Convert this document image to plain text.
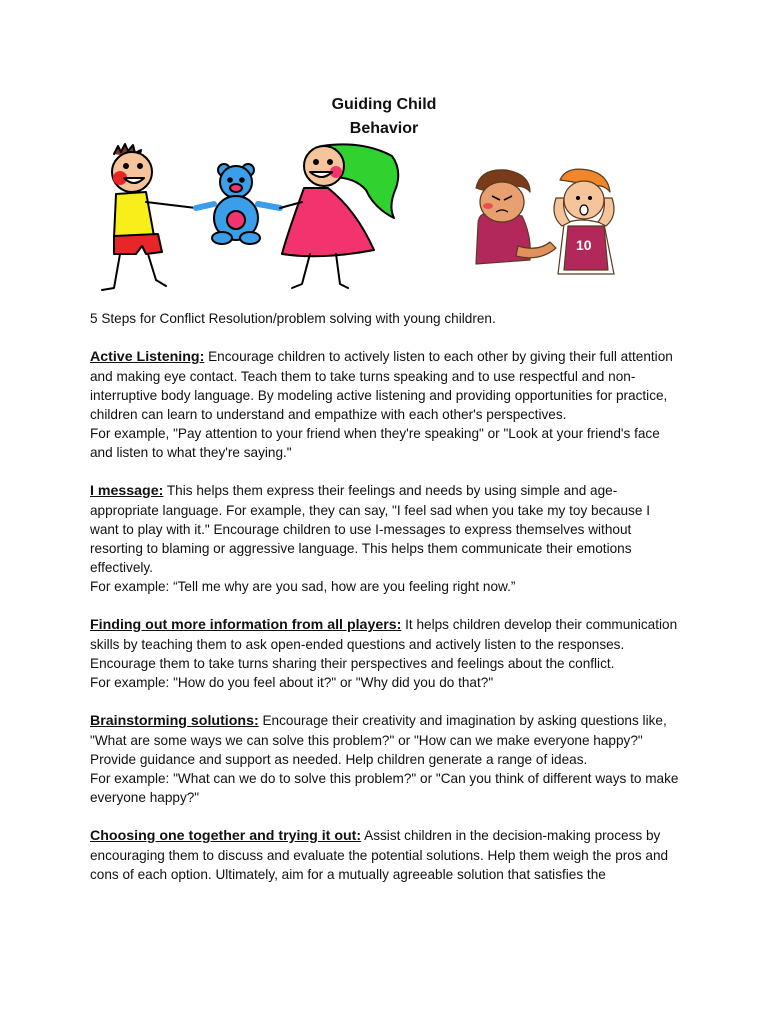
Guiding Child
Behavior
10

5 Steps for Conflict Resolution/problem solving with young children.

Active Listening: Encourage children to actively listen to each other by giving their full attention and making eye contact. Teach them to take turns speaking and to use respectful and non-interruptive body language. By modeling active listening and providing opportunities for practice, children can learn to understand and empathize with each other's perspectives.
For example, "Pay attention to your friend when they're speaking" or "Look at your friend's face and listen to what they're saying."
I message: This helps them express their feelings and needs by using simple and age-appropriate language. For example, they can say, "I feel sad when you take my toy because I want to play with it." Encourage children to use I-messages to express themselves without resorting to blaming or aggressive language. This helps them communicate their emotions effectively.
For example: “Tell me why are you sad, how are you feeling right now.”
Finding out more information from all players: It helps children develop their communication skills by teaching them to ask open-ended questions and actively listen to the responses. Encourage them to take turns sharing their perspectives and feelings about the conflict.
For example: "How do you feel about it?" or "Why did you do that?"
Brainstorming solutions: Encourage their creativity and imagination by asking questions like, "What are some ways we can solve this problem?" or "How can we make everyone happy?" Provide guidance and support as needed. Help children generate a range of ideas.
For example: "What can we do to solve this problem?" or "Can you think of different ways to make everyone happy?"
Choosing one together and trying it out: Assist children in the decision-making process by encouraging them to discuss and evaluate the potential solutions. Help them weigh the pros and cons of each option. Ultimately, aim for a mutually agreeable solution that satisfies the
